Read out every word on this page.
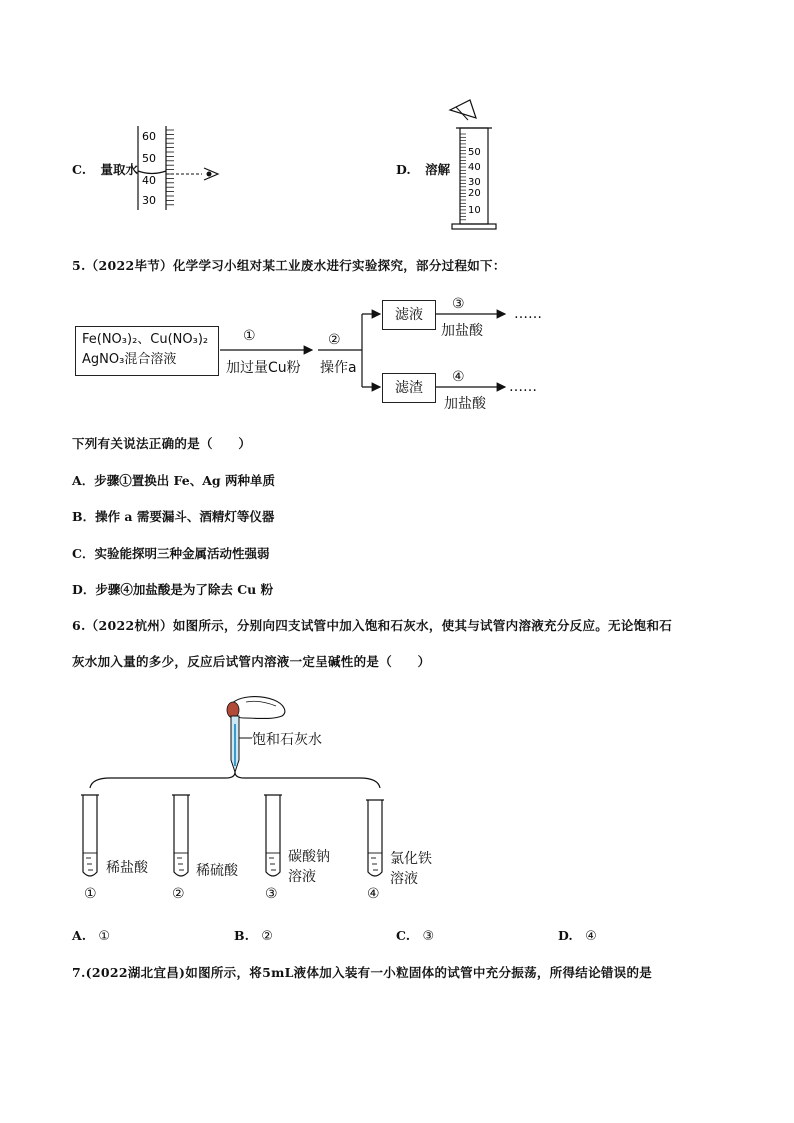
C. 量取水
60
50
40
30
D. 溶解
50
40
30
20
10
5.（2022毕节）化学学习小组对某工业废水进行实验探究，部分过程如下：
Fe(NO₃)₂、Cu(NO₃)₂
AgNO₃混合溶液
①
加过量Cu粉
②
操作a
滤液
滤渣
③
加盐酸
……
④
加盐酸
……
下列有关说法正确的是（　　）
A．步骤①置换出 Fe、Ag 两种单质
B．操作 a 需要漏斗、酒精灯等仪器
C．实验能探明三种金属活动性强弱
D．步骤④加盐酸是为了除去 Cu 粉
6.（2022杭州）如图所示，分别向四支试管中加入饱和石灰水，使其与试管内溶液充分反应。无论饱和石
灰水加入量的多少，反应后试管内溶液一定呈碱性的是（　　）
饱和石灰水
稀盐酸
①
稀硫酸
②
碳酸钠
溶液
③
氯化铁
溶液
④
A. ①	B. ②	C. ③	D. ④
7.(2022湖北宜昌)如图所示，将5mL液体加入装有一小粒固体的试管中充分振荡，所得结论错误的是
